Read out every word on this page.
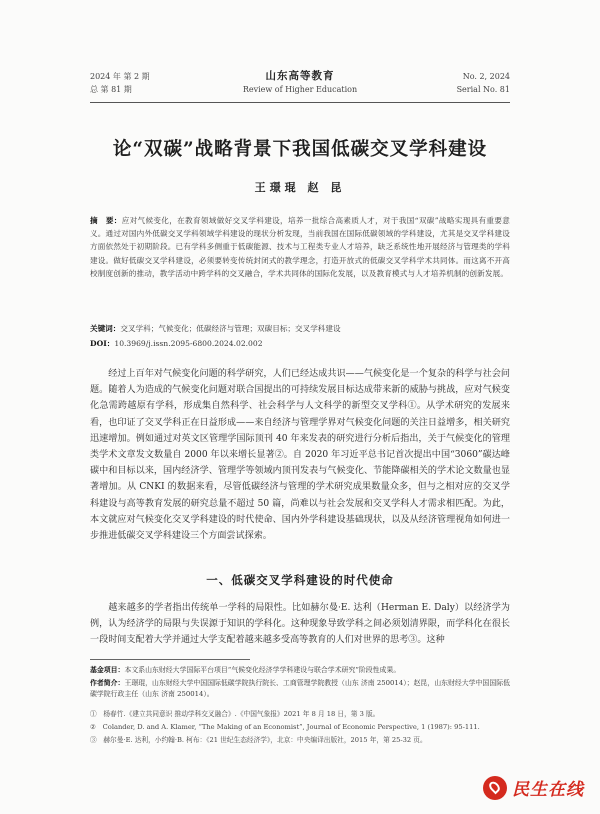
2024 年 第 2 期
总 第 81 期
山东高等教育
Review of Higher Education
No. 2, 2024
Serial No. 81
论“双碳”战略背景下我国低碳交叉学科建设
王璟琨 赵 昆
摘　要：应对气候变化，在教育领域做好交叉学科建设，培养一批综合高素质人才，对于我国“双碳”战略实现具有重要意义。通过对国内外低碳交叉学科领域学科建设的现状分析发现，当前我国在国际低碳领域的学科建设，尤其是交叉学科建设方面依然处于初期阶段。已有学科多侧重于低碳能源、技术与工程类专业人才培养，缺乏系统性地开展经济与管理类的学科建设。做好低碳交叉学科建设，必须要转变传统封闭式的教学理念，打造开放式的低碳交叉学科学术共同体。而这离不开高校制度创新的推动，教学活动中跨学科的交叉融合，学术共同体的国际化发展，以及教育模式与人才培养机制的创新发展。
关键词：交叉学科；气候变化；低碳经济与管理；双碳目标；交叉学科建设
DOI：10.3969/j.issn.2095-6800.2024.02.002
经过上百年对气候变化问题的科学研究，人们已经达成共识——气候变化是一个复杂的科学与社会问题。随着人为造成的气候变化问题对联合国提出的可持续发展目标达成带来新的威胁与挑战，应对气候变化急需跨越原有学科，形成集自然科学、社会科学与人文科学的新型交叉学科①。从学术研究的发展来看，也印证了交叉学科正在日益形成——来自经济与管理学界对气候变化问题的关注日益增多，相关研究迅速增加。例如通过对英文区管理学国际顶刊 40 年来发表的研究进行分析后指出，关于气候变化的管理类学术文章发文数量自 2000 年以来增长显著②。自 2020 年习近平总书记首次提出中国“3060”碳达峰碳中和目标以来，国内经济学、管理学等领域内顶刊发表与气候变化、节能降碳相关的学术论文数量也显著增加。从 CNKI 的数据来看，尽管低碳经济与管理的学术研究成果数量众多，但与之相对应的交叉学科建设与高等教育发展的研究总量不超过 50 篇，尚难以与社会发展和交叉学科人才需求相匹配。为此，本文就应对气候变化交叉学科建设的时代使命、国内外学科建设基础现状，以及从经济管理视角如何进一步推进低碳交叉学科建设三个方面尝试探索。
一、低碳交叉学科建设的时代使命
越来越多的学者指出传统单一学科的局限性。比如赫尔曼·E. 达利（Herman E. Daly）以经济学为例，认为经济学的局限与失误源于知识的学科化。这种现象导致学科之间必须划清界限，而学科化在很长一段时间支配着大学并通过大学支配着越来越多受高等教育的人们对世界的思考③。这种
基金项目：本文系山东财经大学国际平台项目“气候变化经济学学科建设与联合学术研究”阶段性成果。
作者简介：王璟琨，山东财经大学中国国际低碳学院执行院长、工商管理学院教授（山东 济南 250014）；赵昆，山东财经大学中国国际低碳学院行政主任（山东 济南 250014）。
①　杨春竹.《建立共同意识 推动学科交叉融合》.《中国气象报》2021 年 8 月 18 日，第 3 版。
②　Colander, D. and A. Klamer, “The Making of an Economist”, Journal of Economic Perspective, 1 (1987): 95-111.
③　赫尔曼·E. 达利，小约翰·B. 柯布：《21 世纪生态经济学》，北京：中央编译出版社，2015 年，第 25-32 页。
民生在线
